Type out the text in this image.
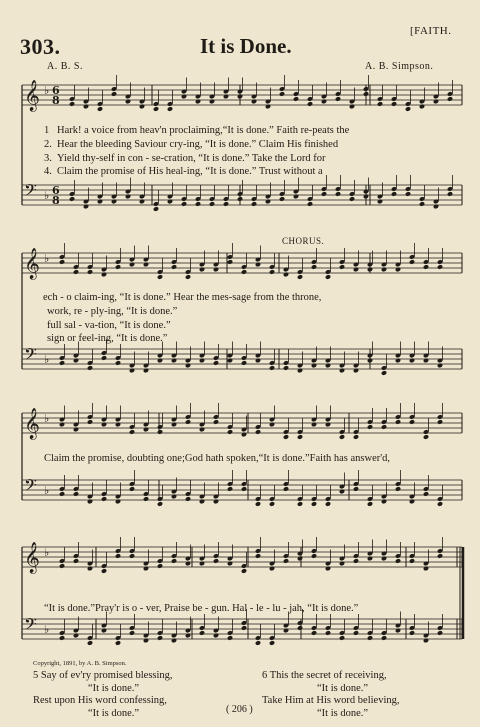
303.	It is Done.
[FAITH.
A. B. S.	A. B. Simpson.
𝄞 ♭
𝄢 ♭
6
8
6
8
𝄞 ♭
𝄢 ♭
𝄞 ♭
𝄢 ♭
𝄞 ♭
𝄢 ♭
1 Hark! a voice from heav'n proclaiming,“It is done.” Faith re-peats the
2. Hear the bleeding Saviour cry-ing, “It is done.” Claim His finished
3. Yield thy-self in con - se-cration, “It is done.” Take the Lord for
4. Claim the promise of His heal-ing, “It is done.” Trust without a
CHORUS.
ech - o claim-ing, “It is done.” Hear the mes-sage from the throne,
work, re - ply-ing, “It is done.”
full sal - va-tion, “It is done.”
sign or feel-ing, “It is done.”
Claim the promise, doubting one;God hath spoken,“It is done.”Faith has answer'd,
“It is done.”Pray'r is o - ver, Praise be - gun. Hal - le - lu - jah, “It is done.”
Copyright, 1891, by A. B. Simpson.
5 Say of ev'ry promised blessing,
“It is done.”
Rest upon His word confessing,
“It is done.”
6 This the secret of receiving,
“It is done.”
Take Him at His word believing,
“It is done.”
( 206 )
